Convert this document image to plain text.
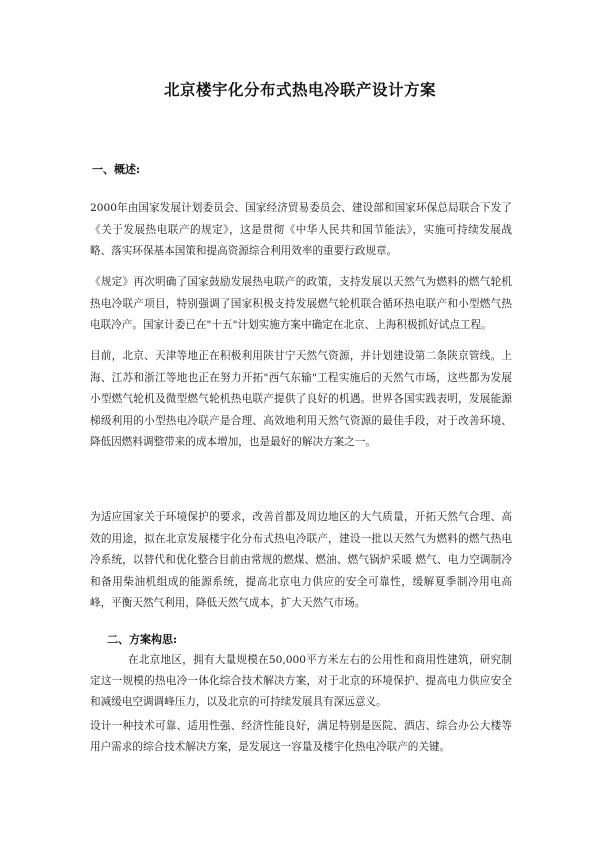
北京楼宇化分布式热电冷联产设计方案
一、概述:

2000年由国家发展计划委员会、国家经济贸易委员会、建设部和国家环保总局联合下发了《关于发展热电联产的规定》，这是贯彻《中华人民共和国节能法》，实施可持续发展战略、落实环保基本国策和提高资源综合利用效率的重要行政规章。

《规定》再次明确了国家鼓励发展热电联产的政策，支持发展以天然气为燃料的燃气轮机热电冷联产项目，特别强调了国家积极支持发展燃气轮机联合循环热电联产和小型燃气热电联冷产。国家计委已在"十五"计划实施方案中确定在北京、上海积极抓好试点工程。

目前，北京、天津等地正在积极利用陕甘宁天然气资源，并计划建设第二条陕京管线。上海、江苏和浙江等地也正在努力开拓"西气东输"工程实施后的天然气市场，这些都为发展小型燃气轮机及微型燃气轮机热电联产提供了良好的机遇。世界各国实践表明，发展能源梯级利用的小型热电冷联产是合理、高效地利用天然气资源的最佳手段，对于改善环境、降低因燃料调整带来的成本增加，也是最好的解决方案之一。

为适应国家关于环境保护的要求，改善首都及周边地区的大气质量，开拓天然气合理、高效的用途，拟在北京发展楼宇化分布式热电冷联产，建设一批以天然气为燃料的燃气热电冷系统，以替代和优化整合目前由常规的燃煤、燃油、燃气锅炉采暖 燃气、电力空调制冷和备用柴油机组成的能源系统，提高北京电力供应的安全可靠性，缓解夏季制冷用电高峰，平衡天然气利用，降低天然气成本，扩大天然气市场。

二、方案构思:

在北京地区，拥有大量规模在50,000平方米左右的公用性和商用性建筑，研究制定这一规模的热电冷一体化综合技术解决方案，对于北京的环境保护、提高电力供应安全和减缓电空调调峰压力，以及北京的可持续发展具有深远意义。

设计一种技术可靠、适用性强、经济性能良好，满足特别是医院、酒店、综合办公大楼等用户需求的综合技术解决方案，是发展这一容量及楼宇化热电冷联产的关键。
